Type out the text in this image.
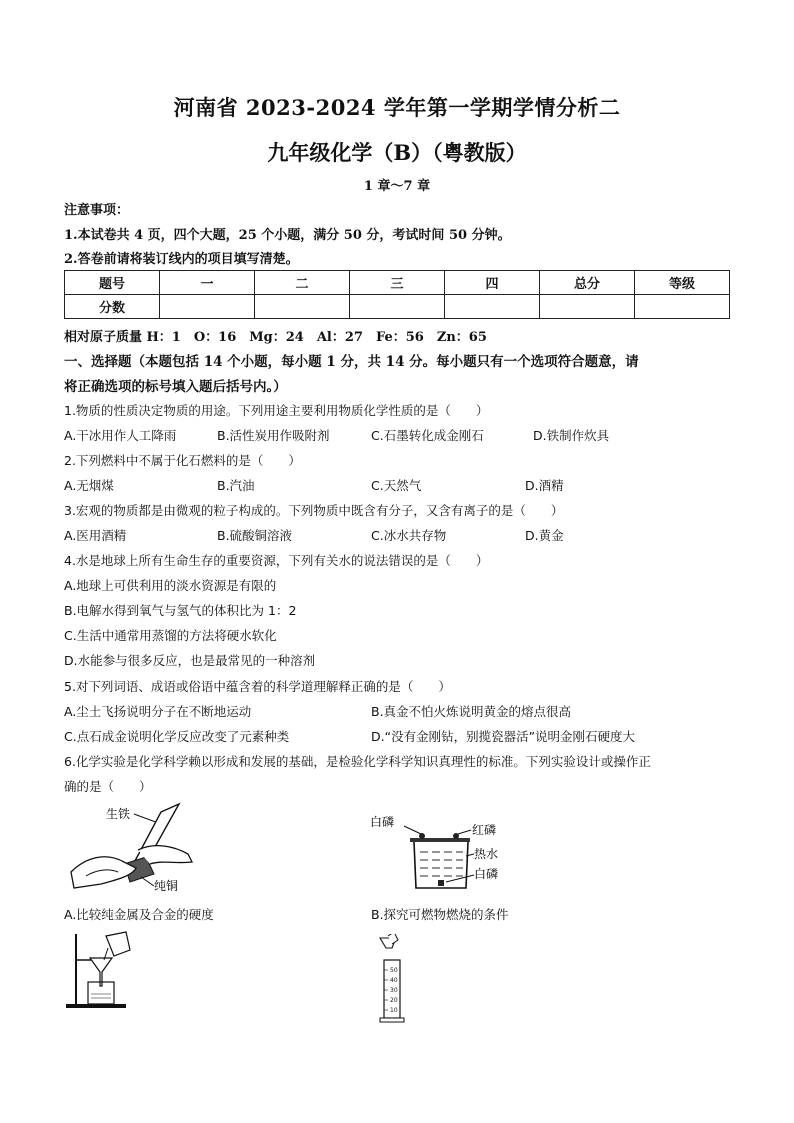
河南省 2023-2024 学年第一学期学情分析二
九年级化学（B）（粤教版）
1 章～7 章
注意事项：
1.本试卷共 4 页，四个大题，25 个小题，满分 50 分，考试时间 50 分钟。
2.答卷前请将装订线内的项目填写清楚。
题号	一	二	三	四	总分	等级
分数						
相对原子质量 H：1　O：16　Mg：24　Al：27　Fe：56　Zn：65
一、选择题（本题包括 14 个小题，每小题 1 分，共 14 分。每小题只有一个选项符合题意，请
将正确选项的标号填入题后括号内。）
1.物质的性质决定物质的用途。下列用途主要利用物质化学性质的是（　　）
A.干冰用作人工降雨	B.活性炭用作吸附剂	C.石墨转化成金刚石	D.铁制作炊具
2.下列燃料中不属于化石燃料的是（　　）
A.无烟煤	B.汽油	C.天然气	D.酒精
3.宏观的物质都是由微观的粒子构成的。下列物质中既含有分子，又含有离子的是（　　）
A.医用酒精	B.硫酸铜溶液	C.冰水共存物	D.黄金
4.水是地球上所有生命生存的重要资源，下列有关水的说法错误的是（　　）
A.地球上可供利用的淡水资源是有限的
B.电解水得到氧气与氢气的体积比为 1：2
C.生活中通常用蒸馏的方法将硬水软化
D.水能参与很多反应，也是最常见的一种溶剂
5.对下列词语、成语或俗语中蕴含着的科学道理解释正确的是（　　）
A.尘土飞扬说明分子在不断地运动	B.真金不怕火炼说明黄金的熔点很高
C.点石成金说明化学反应改变了元素种类	D.“没有金刚钻，别揽瓷器活”说明金刚石硬度大
6.化学实验是化学科学赖以形成和发展的基础，是检验化学科学知识真理性的标准。下列实验设计或操作正
确的是（　　）
A.比较纯金属及合金的硬度	B.探究可燃物燃烧的条件
生铁
纯铜
白磷
红磷
热水
白磷
50
40
30
20
10
